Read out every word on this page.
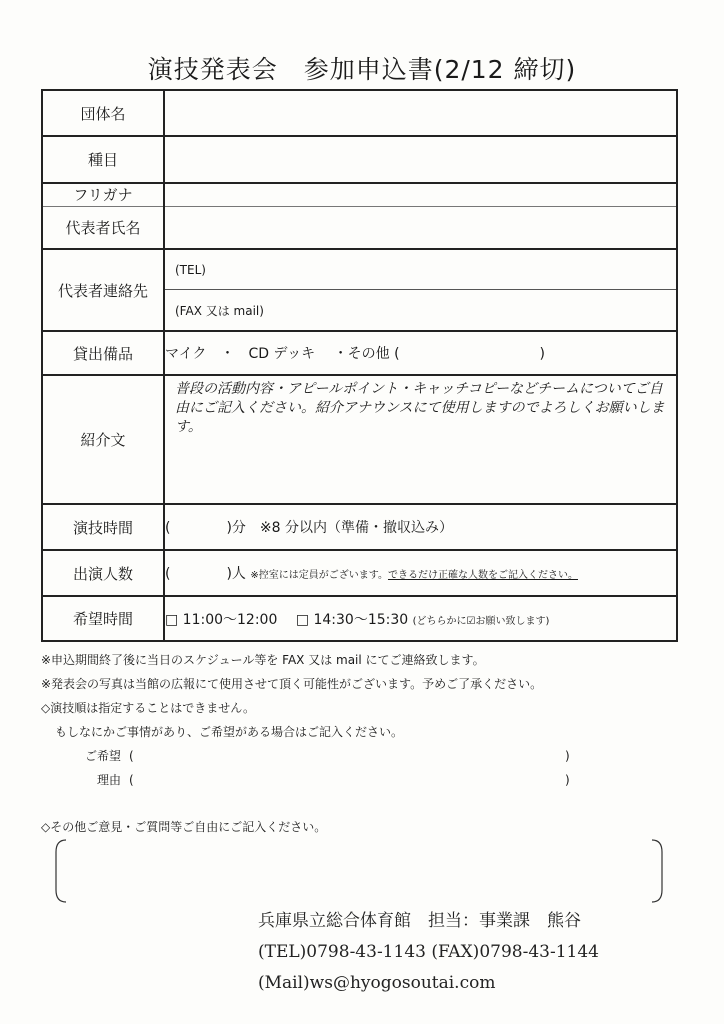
演技発表会　参加申込書(2/12 締切)
団体名	
種目	
フリガナ	
代表者氏名	
代表者連絡先	(TEL)
(FAX 又は mail)

貸出備品	マイク　・　CD デッキ　 ・その他 (　　　　　　　　　　)
紹介文	普段の活動内容・アピールポイント・キャッチコピーなどチームについてご自由にご記入ください。紹介アナウンスにて使用しますのでよろしくお願いします。
演技時間	(　　　　)分　※8 分以内（準備・撤収込み）
出演人数	(　　　　)人 ※控室には定員がございます。できるだけ正確な人数をご記入ください。
希望時間	□ 11:00〜12:00　 □ 14:30〜15:30 (どちらかに☑お願い致します)
※申込期間終了後に当日のスケジュール等を FAX 又は mail にてご連絡致します。
※発表会の写真は当館の広報にて使用させて頂く可能性がございます。予めご了承ください。
◇演技順は指定することはできません。
もしなにかご事情があり、ご希望がある場合はご記入ください。
ご希望 (	)
理由 (	)
◇その他ご意見・ご質問等ご自由にご記入ください。
兵庫県立総合体育館　担当：事業課　熊谷
(TEL)0798-43-1143 (FAX)0798-43-1144
(Mail)ws@hyogosoutai.com
